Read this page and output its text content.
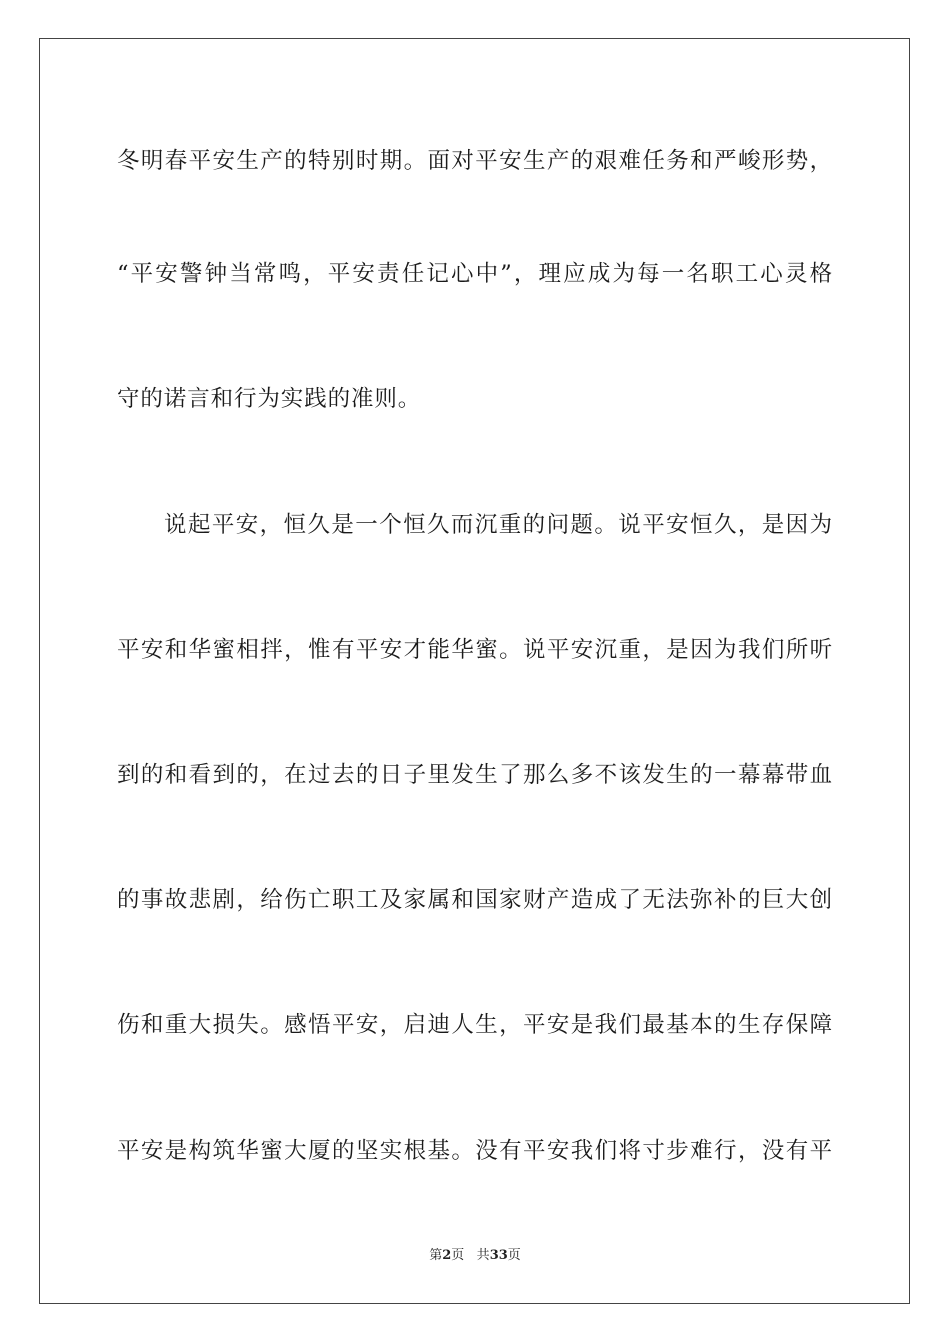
冬明春平安生产的特别时期。面对平安生产的艰难任务和严峻形势，
“平安警钟当常鸣，平安责任记心中”，理应成为每一名职工心灵格
守的诺言和行为实践的准则。
说起平安，恒久是一个恒久而沉重的问题。说平安恒久，是因为
平安和华蜜相拌，惟有平安才能华蜜。说平安沉重，是因为我们所听
到的和看到的，在过去的日子里发生了那么多不该发生的一幕幕带血
的事故悲剧，给伤亡职工及家属和国家财产造成了无法弥补的巨大创
伤和重大损失。感悟平安，启迪人生，平安是我们最基本的生存保障
平安是构筑华蜜大厦的坚实根基。没有平安我们将寸步难行，没有平
第2页 共33页
